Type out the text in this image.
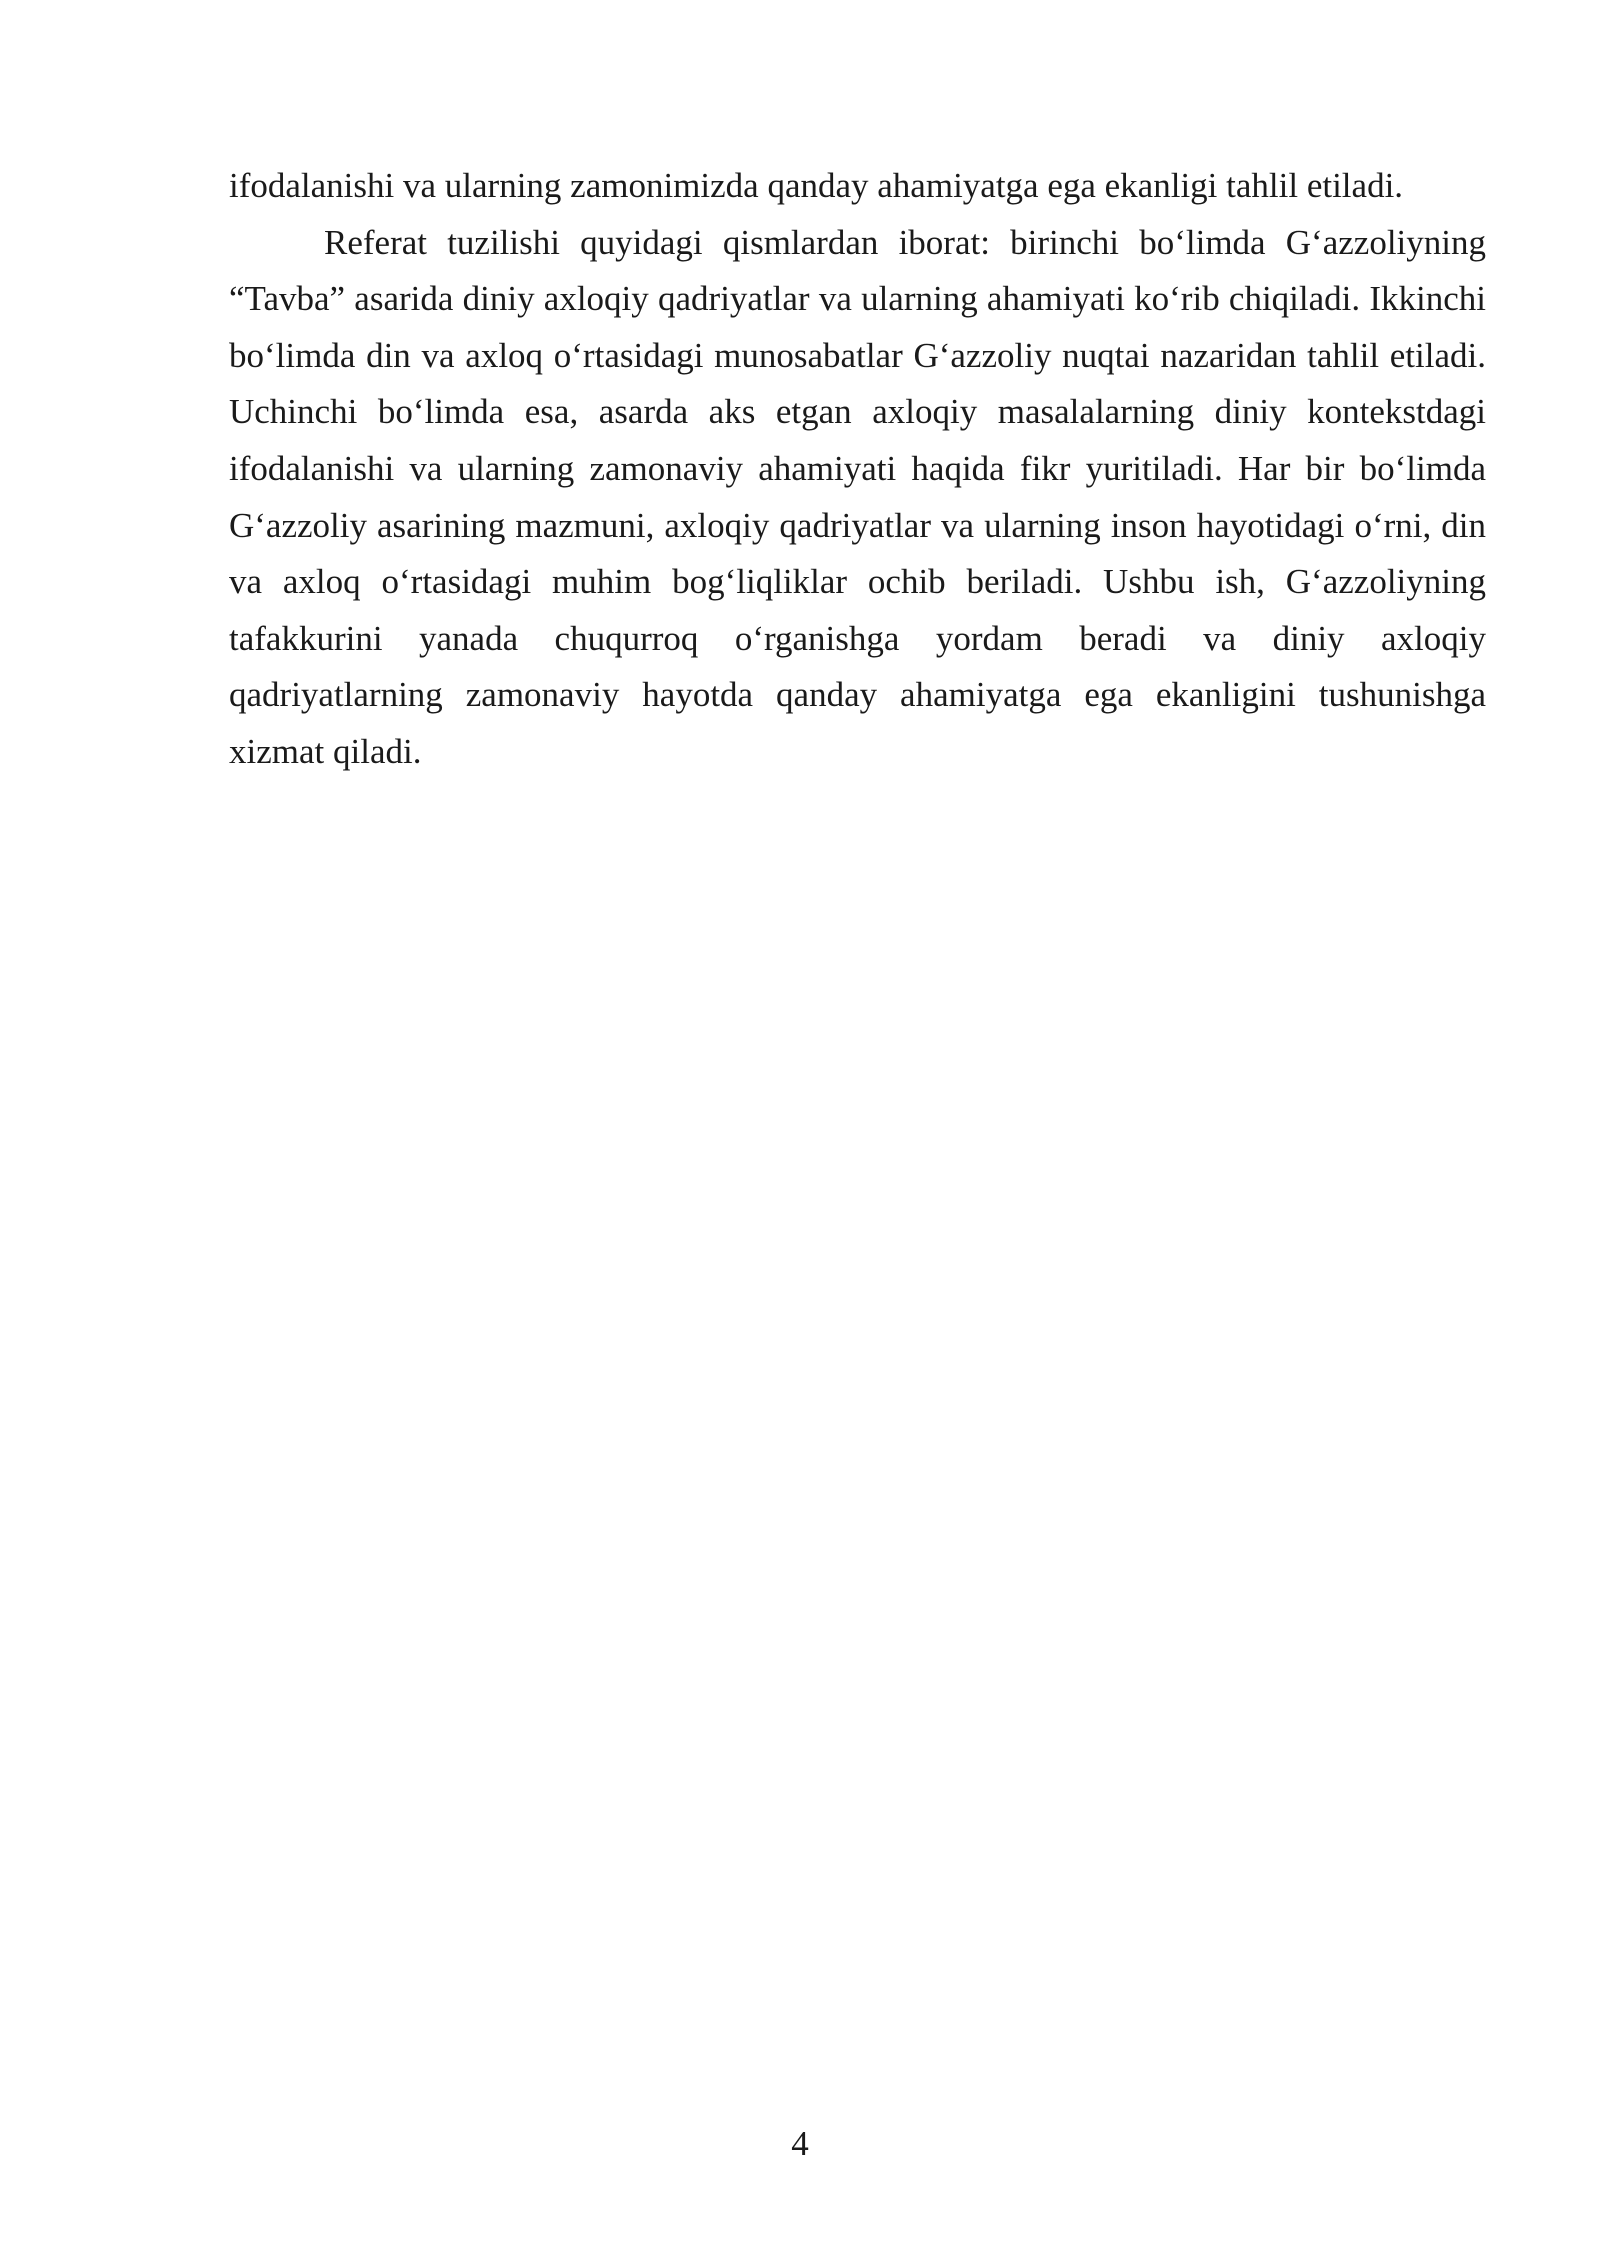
ifodalanishi va ularning zamonimizda qanday ahamiyatga ega ekanligi tahlil etiladi.

Referat tuzilishi quyidagi qismlardan iborat: birinchi bo‘limda G‘azzoliyning “Tavba” asarida diniy axloqiy qadriyatlar va ularning ahamiyati ko‘rib chiqiladi. Ikkinchi bo‘limda din va axloq o‘rtasidagi munosabatlar G‘azzoliy nuqtai nazaridan tahlil etiladi. Uchinchi bo‘limda esa, asarda aks etgan axloqiy masalalarning diniy kontekstdagi ifodalanishi va ularning zamonaviy ahamiyati haqida fikr yuritiladi. Har bir bo‘limda G‘azzoliy asarining mazmuni, axloqiy qadriyatlar va ularning inson hayotidagi o‘rni, din va axloq o‘rtasidagi muhim bog‘liqliklar ochib beriladi. Ushbu ish, G‘azzoliyning tafakkurini yanada chuqurroq o‘rganishga yordam beradi va diniy axloqiy qadriyatlarning zamonaviy hayotda qanday ahamiyatga ega ekanligini tushunishga xizmat qiladi.

4
